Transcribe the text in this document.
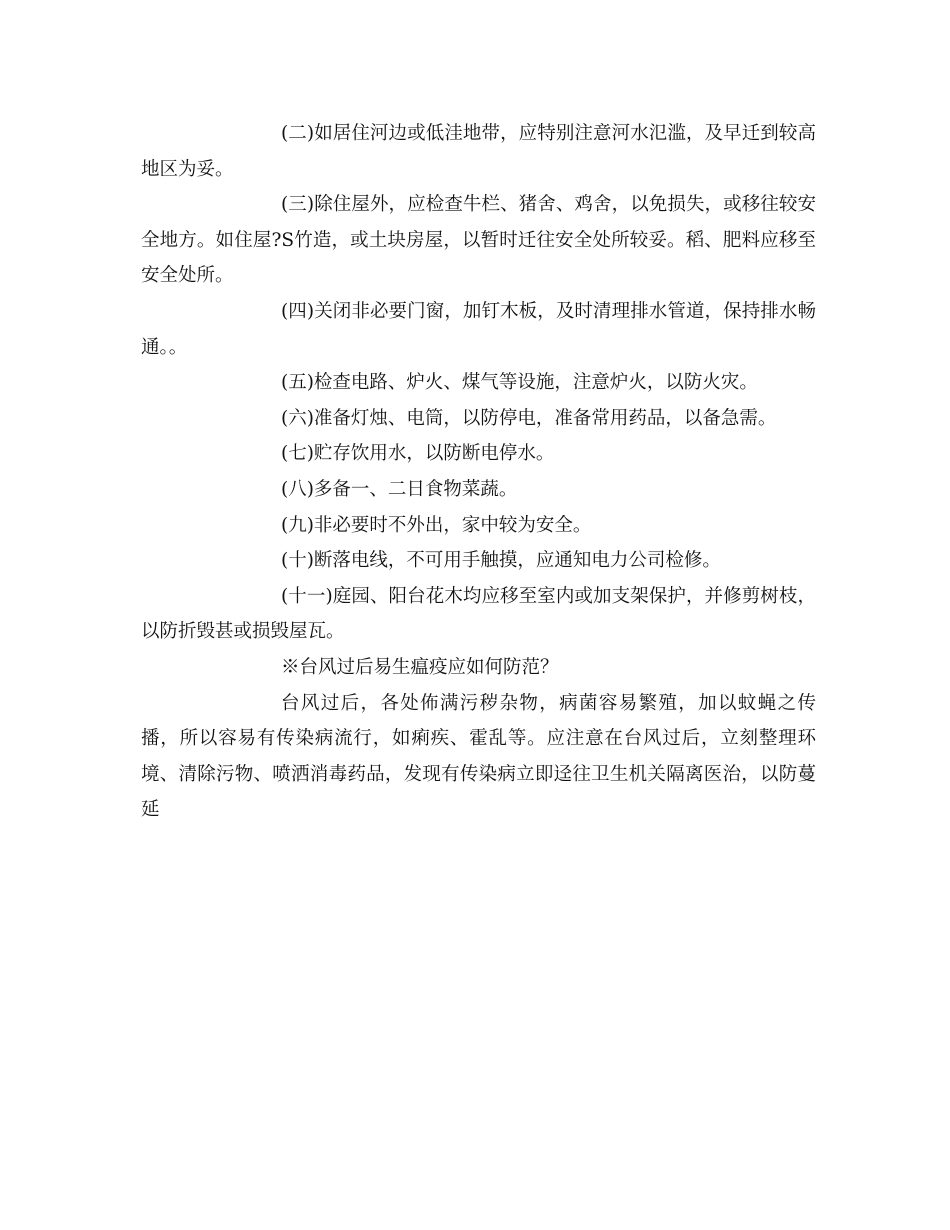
(二)如居住河边或低洼地带，应特别注意河水氾滥，及早迁到较高地区为妥。

(三)除住屋外，应检查牛栏、猪舍、鸡舍，以免损失，或移往较安全地方。如住屋?S竹造，或土块房屋，以暂时迁往安全处所较妥。稻、肥料应移至安全处所。

(四)关闭非必要门窗，加钉木板，及时清理排水管道，保持排水畅通。。

(五)检查电路、炉火、煤气等设施，注意炉火，以防火灾。

(六)准备灯烛、电筒，以防停电，准备常用药品，以备急需。

(七)贮存饮用水，以防断电停水。

(八)多备一、二日食物菜蔬。

(九)非必要时不外出，家中较为安全。

(十)断落电线，不可用手触摸，应通知电力公司检修。

(十一)庭园、阳台花木均应移至室内或加支架保护，并修剪树枝，以防折毁甚或损毁屋瓦。

※台风过后易生瘟疫应如何防范？

台风过后，各处佈满污秽杂物，病菌容易繁殖，加以蚊蝇之传播，所以容易有传染病流行，如痢疾、霍乱等。应注意在台风过后，立刻整理环境、清除污物、喷洒消毒药品，发现有传染病立即迳往卫生机关隔离医治，以防蔓延
